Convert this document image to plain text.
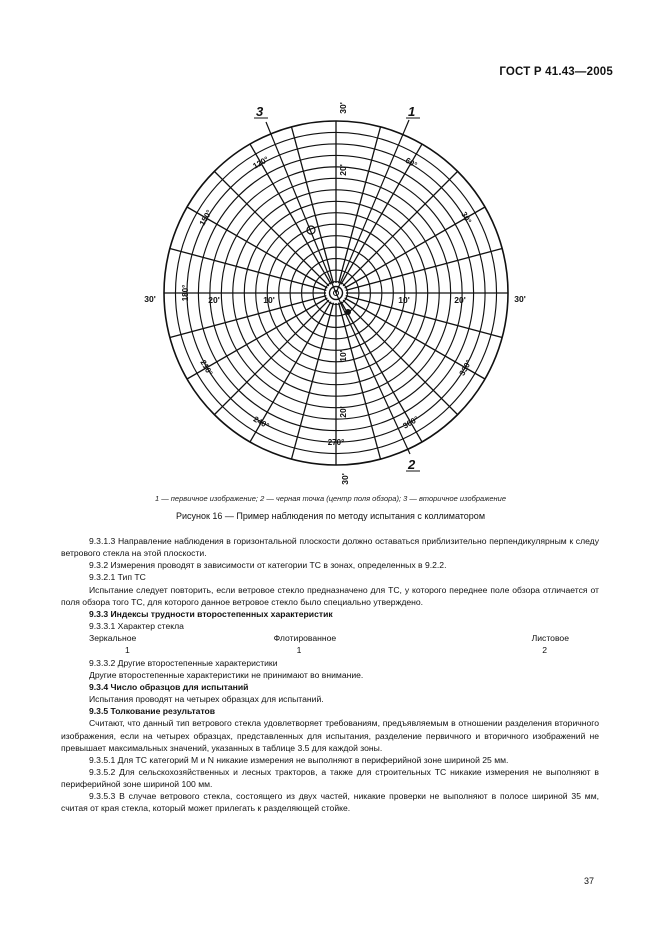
ГОСТ Р 41.43—2005
30°
60°
120°
150°
180°
210°
240°
270°
300°
330°
30'
30'
30'	30'
20'	10'	10'	20'
20'
10'
20'
3	1
2
1 — первичное изображение; 2 — черная точка (центр поля обзора); 3 — вторичное изображение
Рисунок 16 — Пример наблюдения по методу испытания с коллиматором

9.3.1.3 Направление наблюдения в горизонтальной плоскости должно оставаться приблизительно перпендикулярным к следу ветрового стекла на этой плоскости.

9.3.2 Измерения проводят в зависимости от категории ТС в зонах, определенных в 9.2.2.

9.3.2.1 Тип ТС

Испытание следует повторить, если ветровое стекло предназначено для ТС, у которого переднее поле обзора отличается от поля обзора того ТС, для которого данное ветровое стекло было специально утверждено.

9.3.3 Индексы трудности второстепенных характеристик

9.3.3.1 Характер стекла

Зеркальное	Флотированное	Листовое
1	1	2

9.3.3.2 Другие второстепенные характеристики

Другие второстепенные характеристики не принимают во внимание.

9.3.4 Число образцов для испытаний

Испытания проводят на четырех образцах для испытаний.

9.3.5 Толкование результатов

Считают, что данный тип ветрового стекла удовлетворяет требованиям, предъявляемым в отношении разделения вторичного изображения, если на четырех образцах, представленных для испытания, разделение первичного и вторичного изображений не превышает максимальных значений, указанных в таблице 3.5 для каждой зоны.

9.3.5.1 Для ТС категорий M и N никакие измерения не выполняют в периферийной зоне шириной 25 мм.

9.3.5.2 Для сельскохозяйственных и лесных тракторов, а также для строительных ТС никакие измерения не выполняют в периферийной зоне шириной 100 мм.

9.3.5.3 В случае ветрового стекла, состоящего из двух частей, никакие проверки не выполняют в полосе шириной 35 мм, считая от края стекла, который может прилегать к разделяющей стойке.

37
